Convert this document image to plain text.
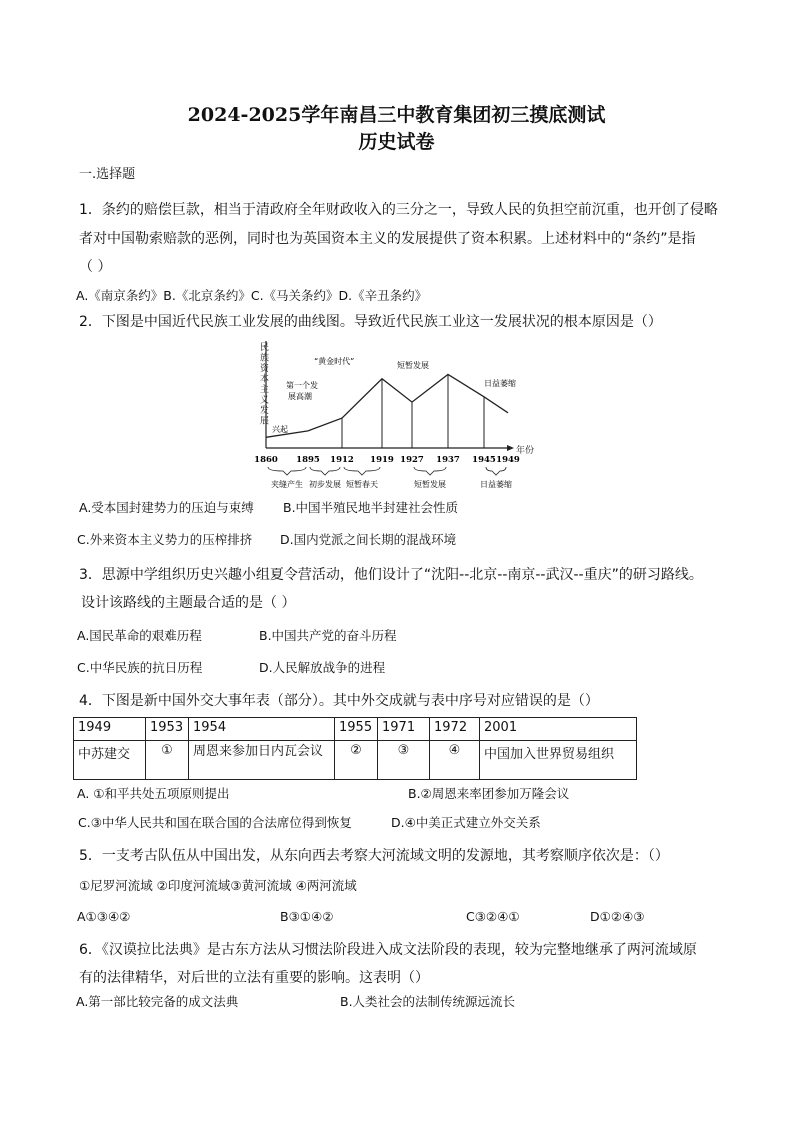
2024-2025学年南昌三中教育集团初三摸底测试
历史试卷
一.选择题
1．条约的赔偿巨款，相当于清政府全年财政收入的三分之一，导致人民的负担空前沉重，也开创了侵略
者对中国勒索赔款的恶例，同时也为英国资本主义的发展提供了资本积累。上述材料中的“条约”是指
（ ）
A.《南京条约》B.《北京条约》C.《马关条约》D.《辛丑条约》
2．下图是中国近代民族工业发展的曲线图。导致近代民族工业这一发展状况的根本原因是（）
民族资本主义发展
年份
1860 1895 1912 1919 1927 1937 1945 1949
夹缝产生 初步发展 短暂春天	短暂发展	日益萎缩
兴起
第一个发展高潮
“黄金时代”	短暂发展
日益萎缩
A.受本国封建势力的压迫与束缚 B.中国半殖民地半封建社会性质
C.外来资本主义势力的压榨排挤 D.国内党派之间长期的混战环境
3．思源中学组织历史兴趣小组夏令营活动，他们设计了“沈阳--北京--南京--武汉--重庆”的研习路线。
设计该路线的主题最合适的是（ ）
A.国民革命的艰难历程	B.中国共产党的奋斗历程
C.中华民族的抗日历程	D.人民解放战争的进程
4．下图是新中国外交大事年表（部分）。其中外交成就与表中序号对应错误的是（）
1949	1953	1954	1955	1971	1972	2001
中苏建交	①	周恩来参加日内瓦会议	②	③	④	中国加入世界贸易组织
A. ①和平共处五项原则提出	B.②周恩来率团参加万隆会议
C.③中华人民共和国在联合国的合法席位得到恢复	D.④中美正式建立外交关系
5．一支考古队伍从中国出发，从东向西去考察大河流域文明的发源地，其考察顺序依次是：（）
①尼罗河流域 ②印度河流域③黄河流域 ④两河流域
A①③④②	B③①④②	C③②④①	D①②④③
6．《汉谟拉比法典》是古东方法从习惯法阶段进入成文法阶段的表现，较为完整地继承了两河流域原
有的法律精华，对后世的立法有重要的影响。这表明（）
A.第一部比较完备的成文法典	B.人类社会的法制传统源远流长
